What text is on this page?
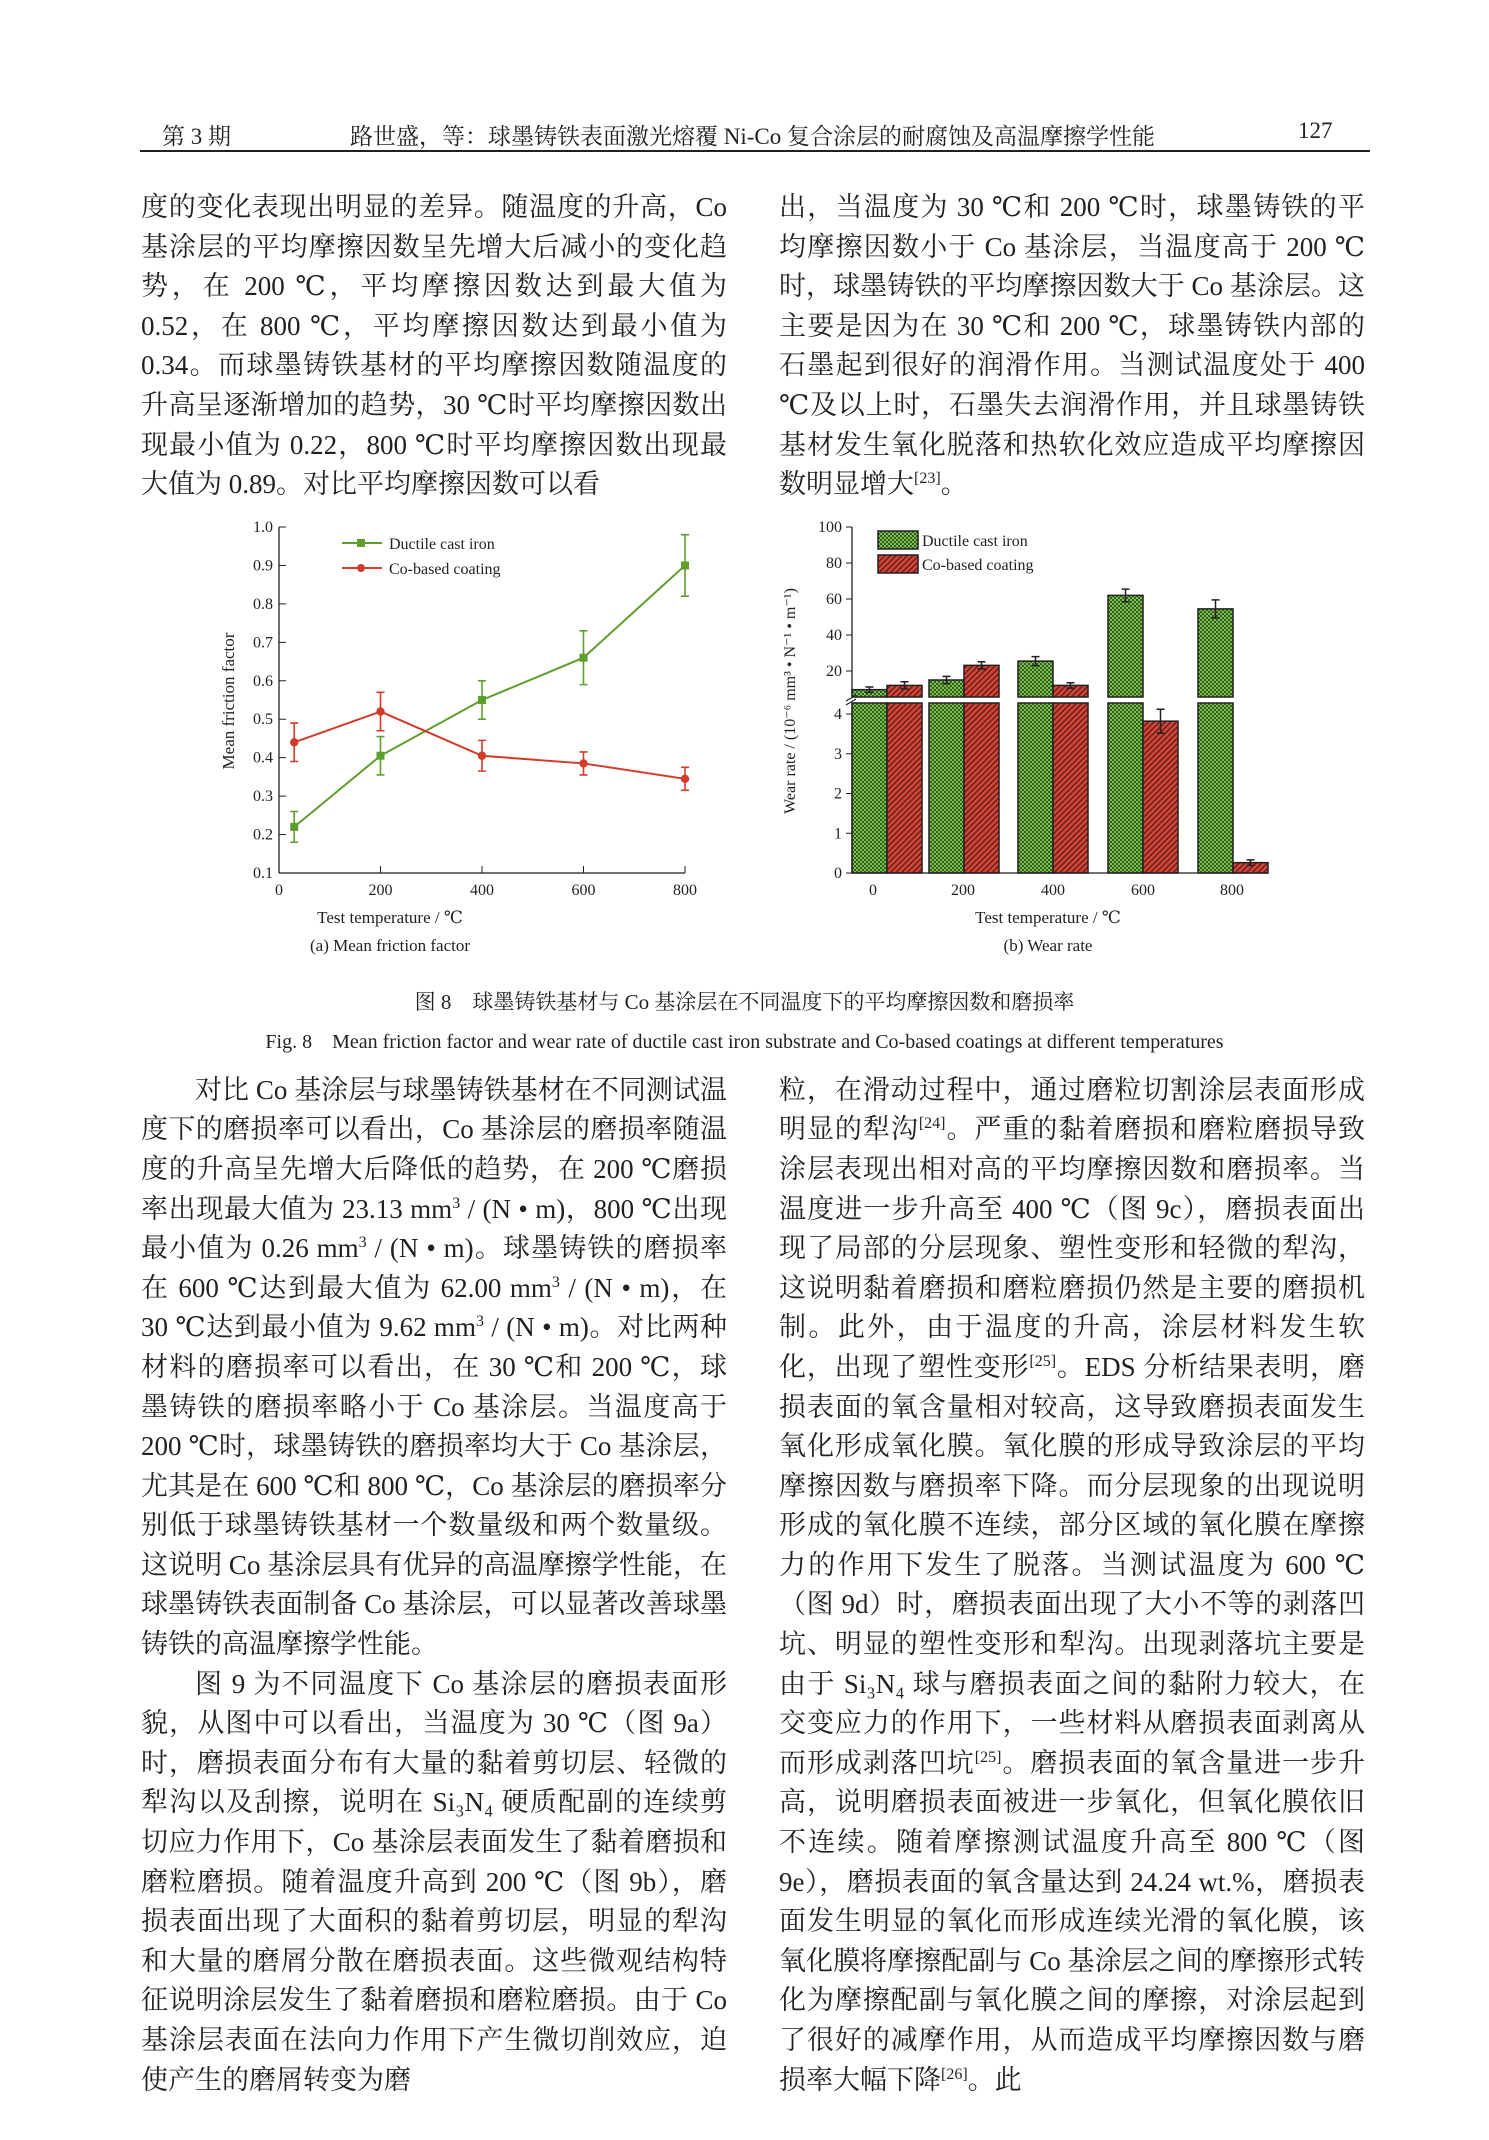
第 3 期	路世盛，等：球墨铸铁表面激光熔覆 Ni-Co 复合涂层的耐腐蚀及高温摩擦学性能	127

度的变化表现出明显的差异。随温度的升高，Co 基涂层的平均摩擦因数呈先增大后减小的变化趋势，在 200 ℃，平均摩擦因数达到最大值为 0.52，在 800 ℃，平均摩擦因数达到最小值为 0.34。而球墨铸铁基材的平均摩擦因数随温度的升高呈逐渐增加的趋势，30 ℃时平均摩擦因数出现最小值为 0.22，800 ℃时平均摩擦因数出现最大值为 0.89。对比平均摩擦因数可以看

出，当温度为 30 ℃和 200 ℃时，球墨铸铁的平均摩擦因数小于 Co 基涂层，当温度高于 200 ℃时，球墨铸铁的平均摩擦因数大于 Co 基涂层。这主要是因为在 30 ℃和 200 ℃，球墨铸铁内部的石墨起到很好的润滑作用。当测试温度处于 400 ℃及以上时，石墨失去润滑作用，并且球墨铸铁基材发生氧化脱落和热软化效应造成平均摩擦因数明显增大[23]。

0.1
0.2
0.3
0.4
0.5
0.6
0.7
0.8
0.9
1.0
0	200	400	600	800
Test temperature / ℃
(a) Mean friction factor
Mean friction factor
Ductile cast iron
Co-based coating
20
40
60
80
100
0
1
2
3
4
0	200	400	600	800
Test temperature / ℃
(b) Wear rate
Wear rate / (10⁻⁶ mm³ • N⁻¹ • m⁻¹)
Ductile cast iron
Co-based coating
图 8　球墨铸铁基材与 Co 基涂层在不同温度下的平均摩擦因数和磨损率
Fig. 8　Mean friction factor and wear rate of ductile cast iron substrate and Co-based coatings at different temperatures

对比 Co 基涂层与球墨铸铁基材在不同测试温度下的磨损率可以看出，Co 基涂层的磨损率随温度的升高呈先增大后降低的趋势，在 200 ℃磨损率出现最大值为 23.13 $mm^3 / (N$ • m)，800 ℃出现最小值为 0.26 $mm^3 / (N$ • m)。球墨铸铁的磨损率在 600 ℃达到最大值为 62.00 $mm^3 / (N$ • m)，在 30 ℃达到最小值为 9.62 $mm^3 / (N$ • m)。对比两种材料的磨损率可以看出，在 30 ℃和 200 ℃，球墨铸铁的磨损率略小于 Co 基涂层。当温度高于 200 ℃时，球墨铸铁的磨损率均大于 Co 基涂层，尤其是在 600 ℃和 800 ℃，Co 基涂层的磨损率分别低于球墨铸铁基材一个数量级和两个数量级。这说明 Co 基涂层具有优异的高温摩擦学性能，在球墨铸铁表面制备 Co 基涂层，可以显著改善球墨铸铁的高温摩擦学性能。

图 9 为不同温度下 Co 基涂层的磨损表面形貌，从图中可以看出，当温度为 30 ℃（图 9a）时，磨损表面分布有大量的黏着剪切层、轻微的犁沟以及刮擦，说明在 Si₃N₄ 硬质配副的连续剪切应力作用下，Co 基涂层表面发生了黏着磨损和磨粒磨损。随着温度升高到 200 ℃（图 9b），磨损表面出现了大面积的黏着剪切层，明显的犁沟和大量的磨屑分散在磨损表面。这些微观结构特征说明涂层发生了黏着磨损和磨粒磨损。由于 Co 基涂层表面在法向力作用下产生微切削效应，迫使产生的磨屑转变为磨

粒，在滑动过程中，通过磨粒切割涂层表面形成明显的犁沟[24]。严重的黏着磨损和磨粒磨损导致涂层表现出相对高的平均摩擦因数和磨损率。当温度进一步升高至 400 ℃（图 9c），磨损表面出现了局部的分层现象、塑性变形和轻微的犁沟，这说明黏着磨损和磨粒磨损仍然是主要的磨损机制。此外，由于温度的升高，涂层材料发生软化，出现了塑性变形[25]。EDS 分析结果表明，磨损表面的氧含量相对较高，这导致磨损表面发生氧化形成氧化膜。氧化膜的形成导致涂层的平均摩擦因数与磨损率下降。而分层现象的出现说明形成的氧化膜不连续，部分区域的氧化膜在摩擦力的作用下发生了脱落。当测试温度为 600 ℃（图 9d）时，磨损表面出现了大小不等的剥落凹坑、明显的塑性变形和犁沟。出现剥落坑主要是由于 Si₃N₄ 球与磨损表面之间的黏附力较大，在交变应力的作用下，一些材料从磨损表面剥离从而形成剥落凹坑[25]。磨损表面的氧含量进一步升高，说明磨损表面被进一步氧化，但氧化膜依旧不连续。随着摩擦测试温度升高至 800 ℃（图 9e），磨损表面的氧含量达到 24.24 wt.%，磨损表面发生明显的氧化而形成连续光滑的氧化膜，该氧化膜将摩擦配副与 Co 基涂层之间的摩擦形式转化为摩擦配副与氧化膜之间的摩擦，对涂层起到了很好的减摩作用，从而造成平均摩擦因数与磨损率大幅下降[26]。此
